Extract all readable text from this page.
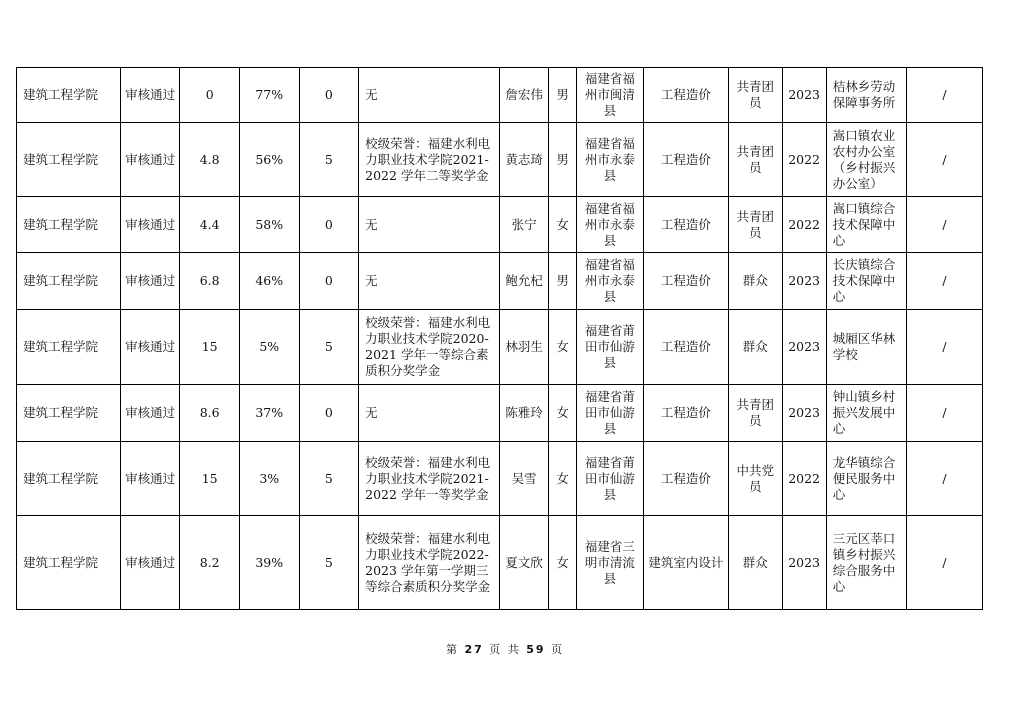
建筑工程学院	审核通过	0	77%	0	无	詹宏伟	男	福建省福州市闽清县	工程造价	共青团员	2023	桔林乡劳动保障事务所	/
建筑工程学院	审核通过	4.8	56%	5	校级荣誉：福建水利电力职业技术学院2021-2022 学年二等奖学金	黄志琦	男	福建省福州市永泰县	工程造价	共青团员	2022	嵩口镇农业农村办公室（乡村振兴办公室）	/
建筑工程学院	审核通过	4.4	58%	0	无	张宁	女	福建省福州市永泰县	工程造价	共青团员	2022	嵩口镇综合技术保障中心	/
建筑工程学院	审核通过	6.8	46%	0	无	鲍允杞	男	福建省福州市永泰县	工程造价	群众	2023	长庆镇综合技术保障中心	/
建筑工程学院	审核通过	15	5%	5	校级荣誉：福建水利电力职业技术学院2020-2021 学年一等综合素质积分奖学金	林羽生	女	福建省莆田市仙游县	工程造价	群众	2023	城厢区华林学校	/
建筑工程学院	审核通过	8.6	37%	0	无	陈雅玲	女	福建省莆田市仙游县	工程造价	共青团员	2023	钟山镇乡村振兴发展中心	/
建筑工程学院	审核通过	15	3%	5	校级荣誉：福建水利电力职业技术学院2021-2022 学年一等奖学金	吴雪	女	福建省莆田市仙游县	工程造价	中共党员	2022	龙华镇综合便民服务中心	/
建筑工程学院	审核通过	8.2	39%	5	校级荣誉：福建水利电力职业技术学院2022-2023 学年第一学期三等综合素质积分奖学金	夏文欣	女	福建省三明市清流县	建筑室内设计	群众	2023	三元区莘口镇乡村振兴综合服务中心	/
第 27 页 共 59 页
